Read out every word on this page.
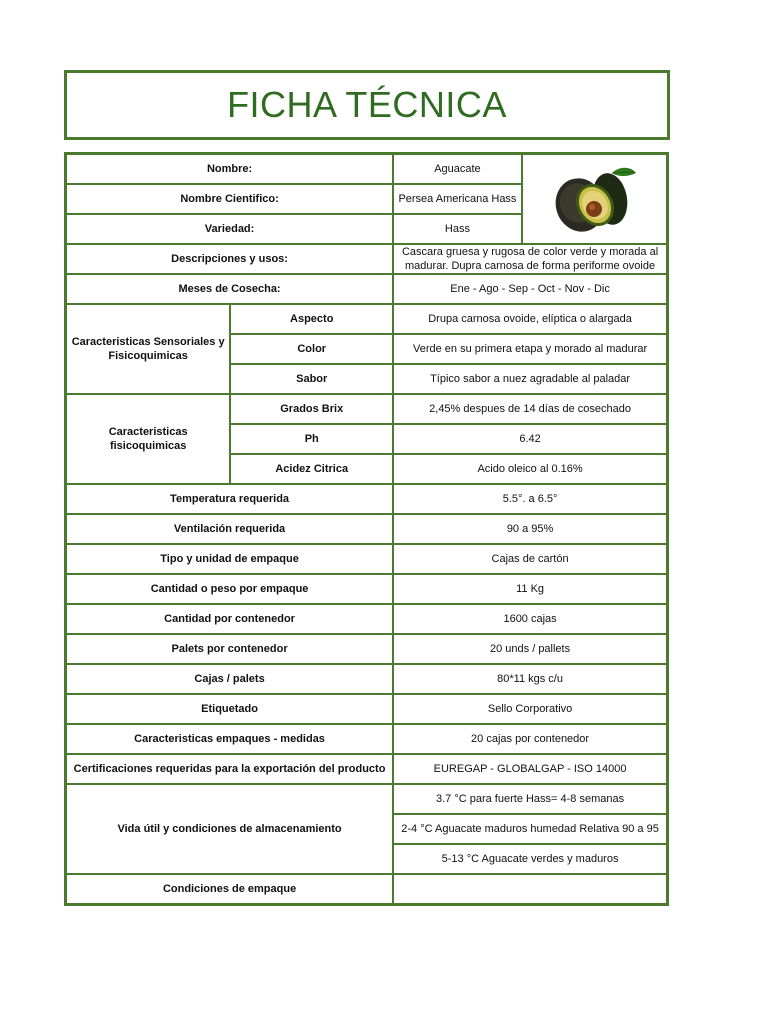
FICHA TÉCNICA
Nombre:		Aguacate	

Nombre Cientifico:		Persea Americana Hass	
Variedad:		Hass	
Descripciones y usos:		Cascara gruesa y rugosa de color verde y morada al madurar. Dupra carnosa de forma periforme ovoide	
Meses de Cosecha:		Ene - Ago - Sep - Oct - Nov - Dic	
Caracteristicas Sensoriales y Fisicoquimicas	Aspecto	Drupa carnosa ovoide, elíptica o alargada	
	Color	Verde en su primera etapa y morado al madurar	
	Sabor	Típico sabor a nuez agradable al paladar	
Caracteristicas fisicoquimicas	Grados Brix	2,45% despues de 14 días de cosechado	
	Ph	6.42	
	Acidez Citrica	Acido oleico al 0.16%	
Temperatura requerida		5.5°. a 6.5°	
Ventilación requerida		90 a 95%	
Tipo y unidad de empaque		Cajas de cartón	
Cantidad o peso por empaque		11 Kg	
Cantidad por contenedor		1600 cajas	
Palets por contenedor		20 unds / pallets	
Cajas / palets		80*11 kgs c/u	
Etiquetado		Sello Corporativo	
Caracteristicas empaques - medidas		20 cajas por contenedor	
Certificaciones requeridas para la exportación del producto		EUREGAP - GLOBALGAP - ISO 14000	
Vida útil y condiciones de almacenamiento		3.7 °C para fuerte Hass= 4-8 semanas	
		2-4 °C Aguacate maduros humedad Relativa 90 a 95	
		5-13 °C Aguacate verdes y maduros	
Condiciones de empaque			
